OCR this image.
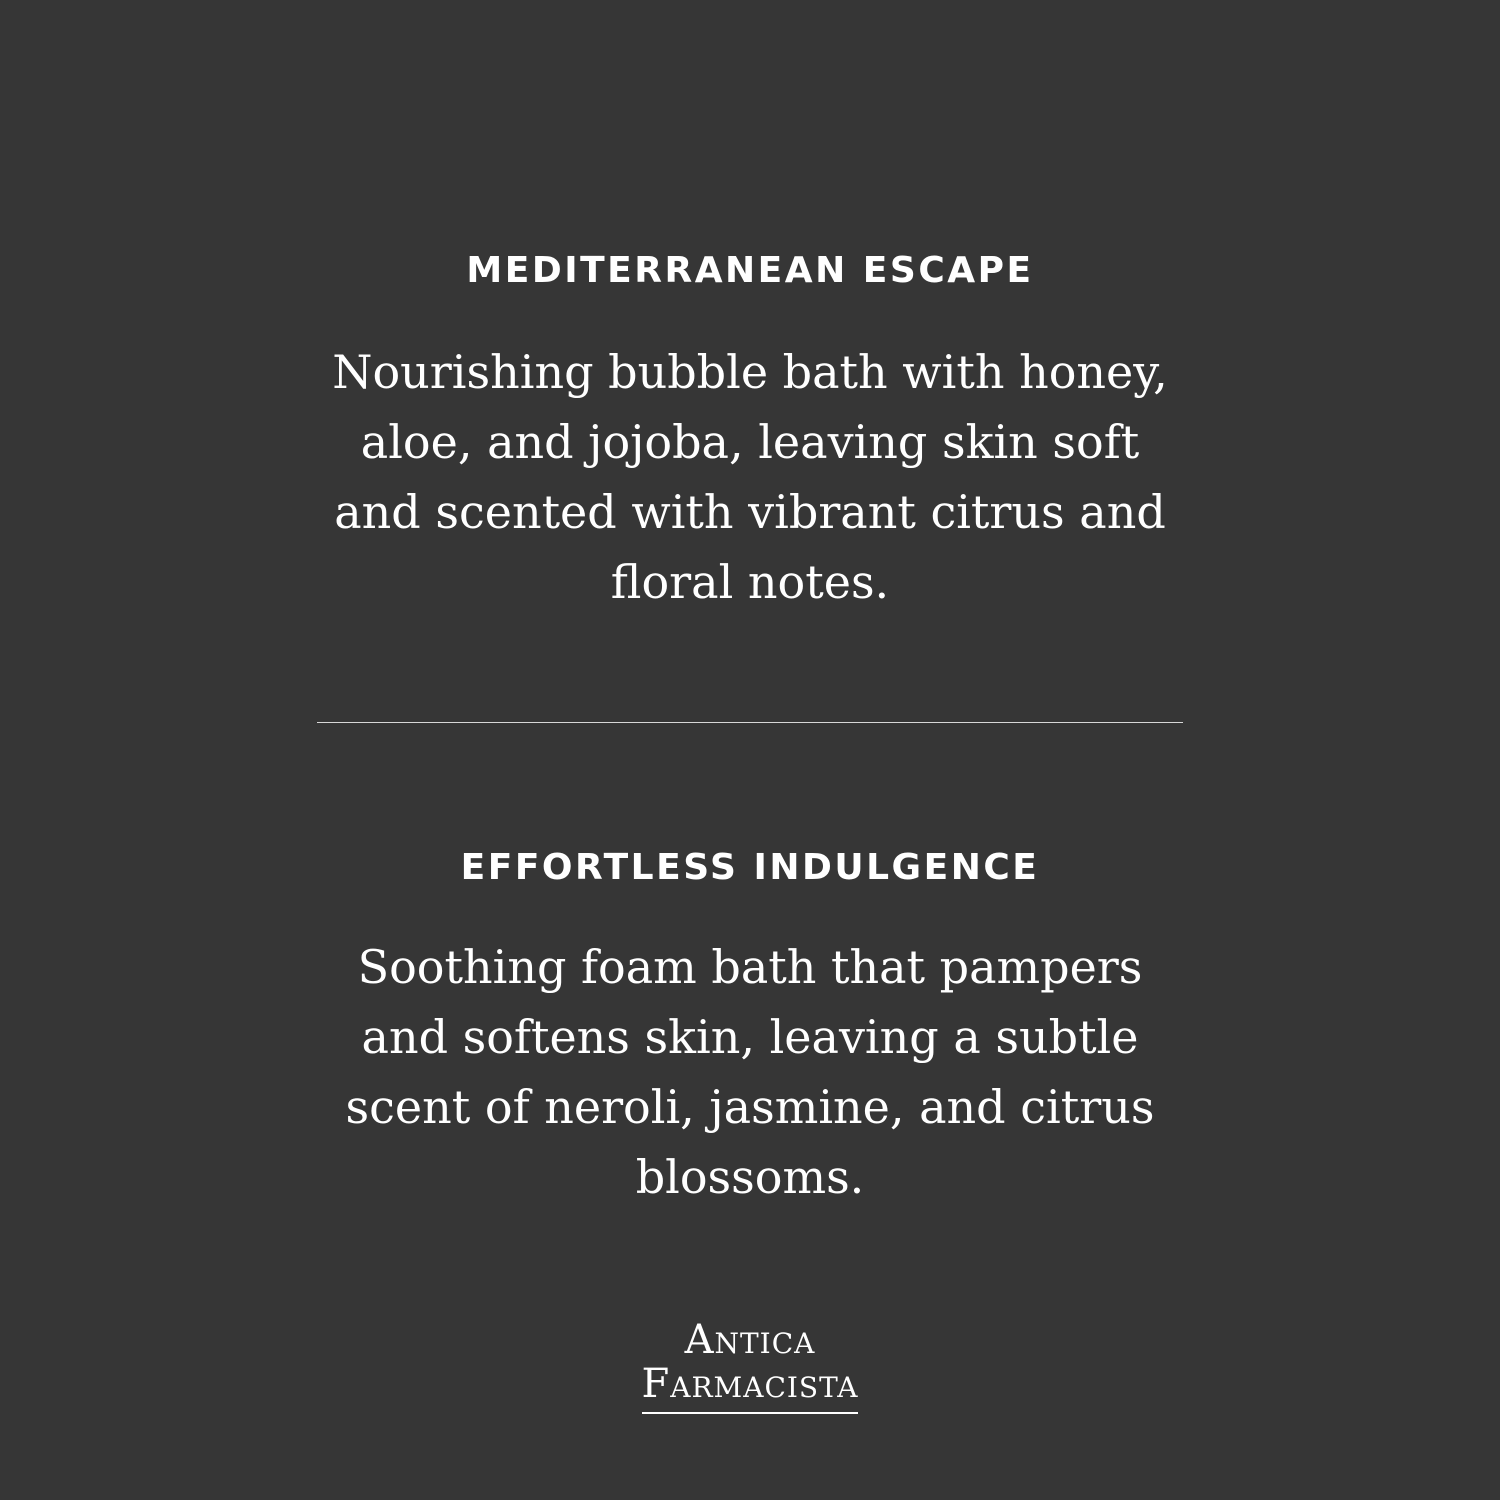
MEDITERRANEAN ESCAPE

Nourishing bubble bath with honey, aloe, and jojoba, leaving skin soft and scented with vibrant citrus and floral notes.

EFFORTLESS INDULGENCE

Soothing foam bath that pampers and softens skin, leaving a subtle scent of neroli, jasmine, and citrus blossoms.

Antica
Farmacista
